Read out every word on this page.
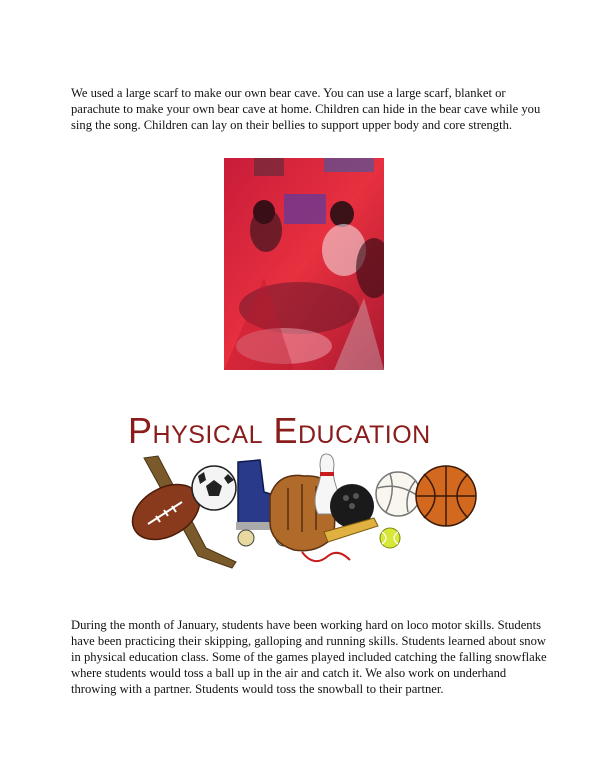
We used a large scarf to make our own bear cave. You can use a large scarf, blanket or parachute to make your own bear cave at home. Children can hide in the bear cave while you sing the song. Children can lay on their bellies to support upper body and core strength.

Physical Education

During the month of January, students have been working hard on loco motor skills. Students have been practicing their skipping, galloping and running skills. Students learned about snow in physical education class. Some of the games played included catching the falling snowflake where students would toss a ball up in the air and catch it. We also work on underhand throwing with a partner. Students would toss the snowball to their partner.
